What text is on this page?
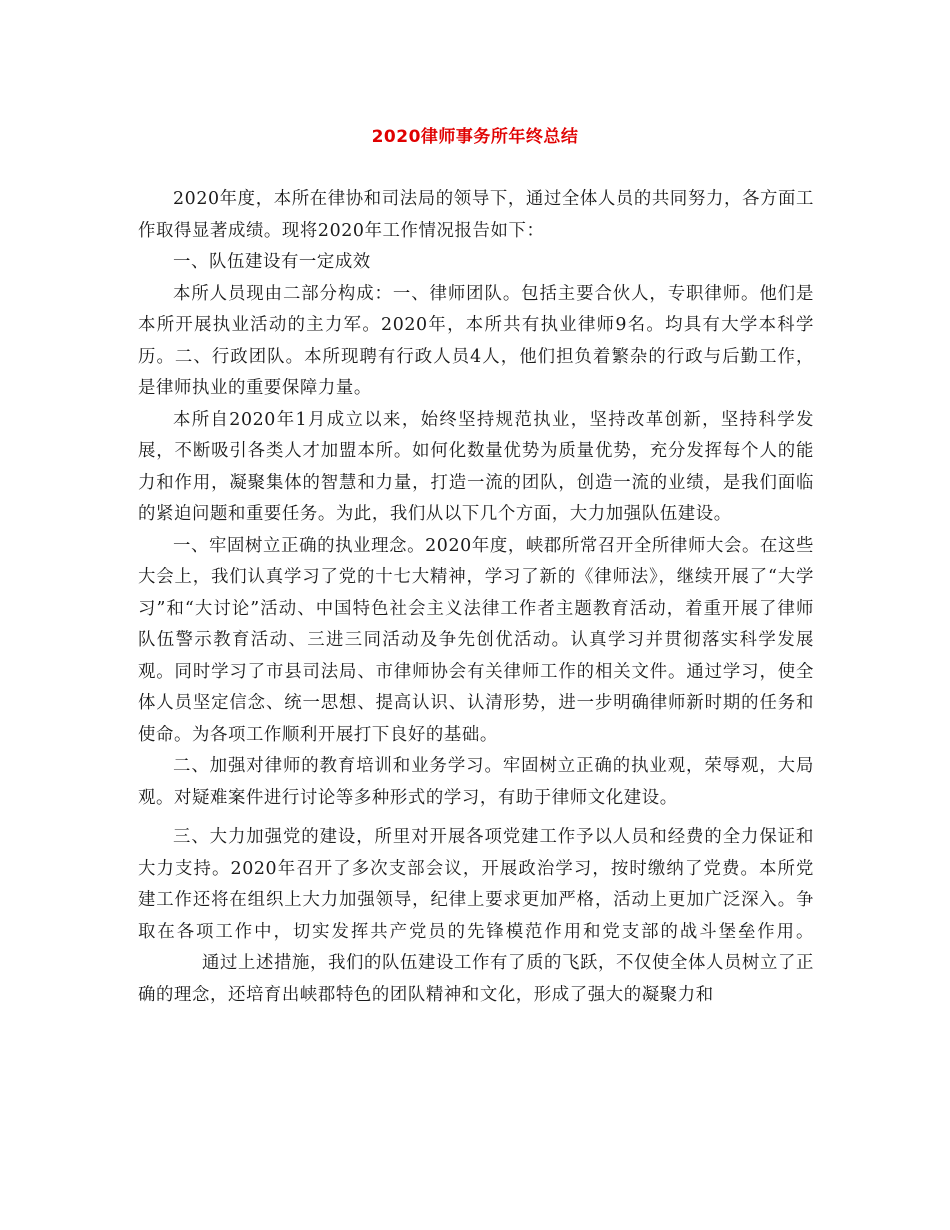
2020律师事务所年终总结

2020年度，本所在律协和司法局的领导下，通过全体人员的共同努力，各方面工作取得显著成绩。现将2020年工作情况报告如下：

一、队伍建设有一定成效

本所人员现由二部分构成：一、律师团队。包括主要合伙人，专职律师。他们是本所开展执业活动的主力军。2020年，本所共有执业律师9名。均具有大学本科学历。二、行政团队。本所现聘有行政人员4人，他们担负着繁杂的行政与后勤工作，是律师执业的重要保障力量。

本所自2020年1月成立以来，始终坚持规范执业，坚持改革创新，坚持科学发展，不断吸引各类人才加盟本所。如何化数量优势为质量优势，充分发挥每个人的能力和作用，凝聚集体的智慧和力量，打造一流的团队，创造一流的业绩，是我们面临的紧迫问题和重要任务。为此，我们从以下几个方面，大力加强队伍建设。

一、牢固树立正确的执业理念。2020年度，峡郡所常召开全所律师大会。在这些大会上，我们认真学习了党的十七大精神，学习了新的《律师法》，继续开展了“大学习”和“大讨论”活动、中国特色社会主义法律工作者主题教育活动，着重开展了律师队伍警示教育活动、三进三同活动及争先创优活动。认真学习并贯彻落实科学发展观。同时学习了市县司法局、市律师协会有关律师工作的相关文件。通过学习，使全体人员坚定信念、统一思想、提高认识、认清形势，进一步明确律师新时期的任务和使命。为各项工作顺利开展打下良好的基础。

二、加强对律师的教育培训和业务学习。牢固树立正确的执业观，荣辱观，大局观。对疑难案件进行讨论等多种形式的学习，有助于律师文化建设。

三、大力加强党的建设，所里对开展各项党建工作予以人员和经费的全力保证和大力支持。2020年召开了多次支部会议，开展政治学习，按时缴纳了党费。本所党建工作还将在组织上大力加强领导，纪律上要求更加严格，活动上更加广泛深入。争取在各项工作中，切实发挥共产党员的先锋模范作用和党支部的战斗堡垒作用。通过上述措施，我们的队伍建设工作有了质的飞跃，不仅使全体人员树立了正确的理念，还培育出峡郡特色的团队精神和文化，形成了强大的凝聚力和
